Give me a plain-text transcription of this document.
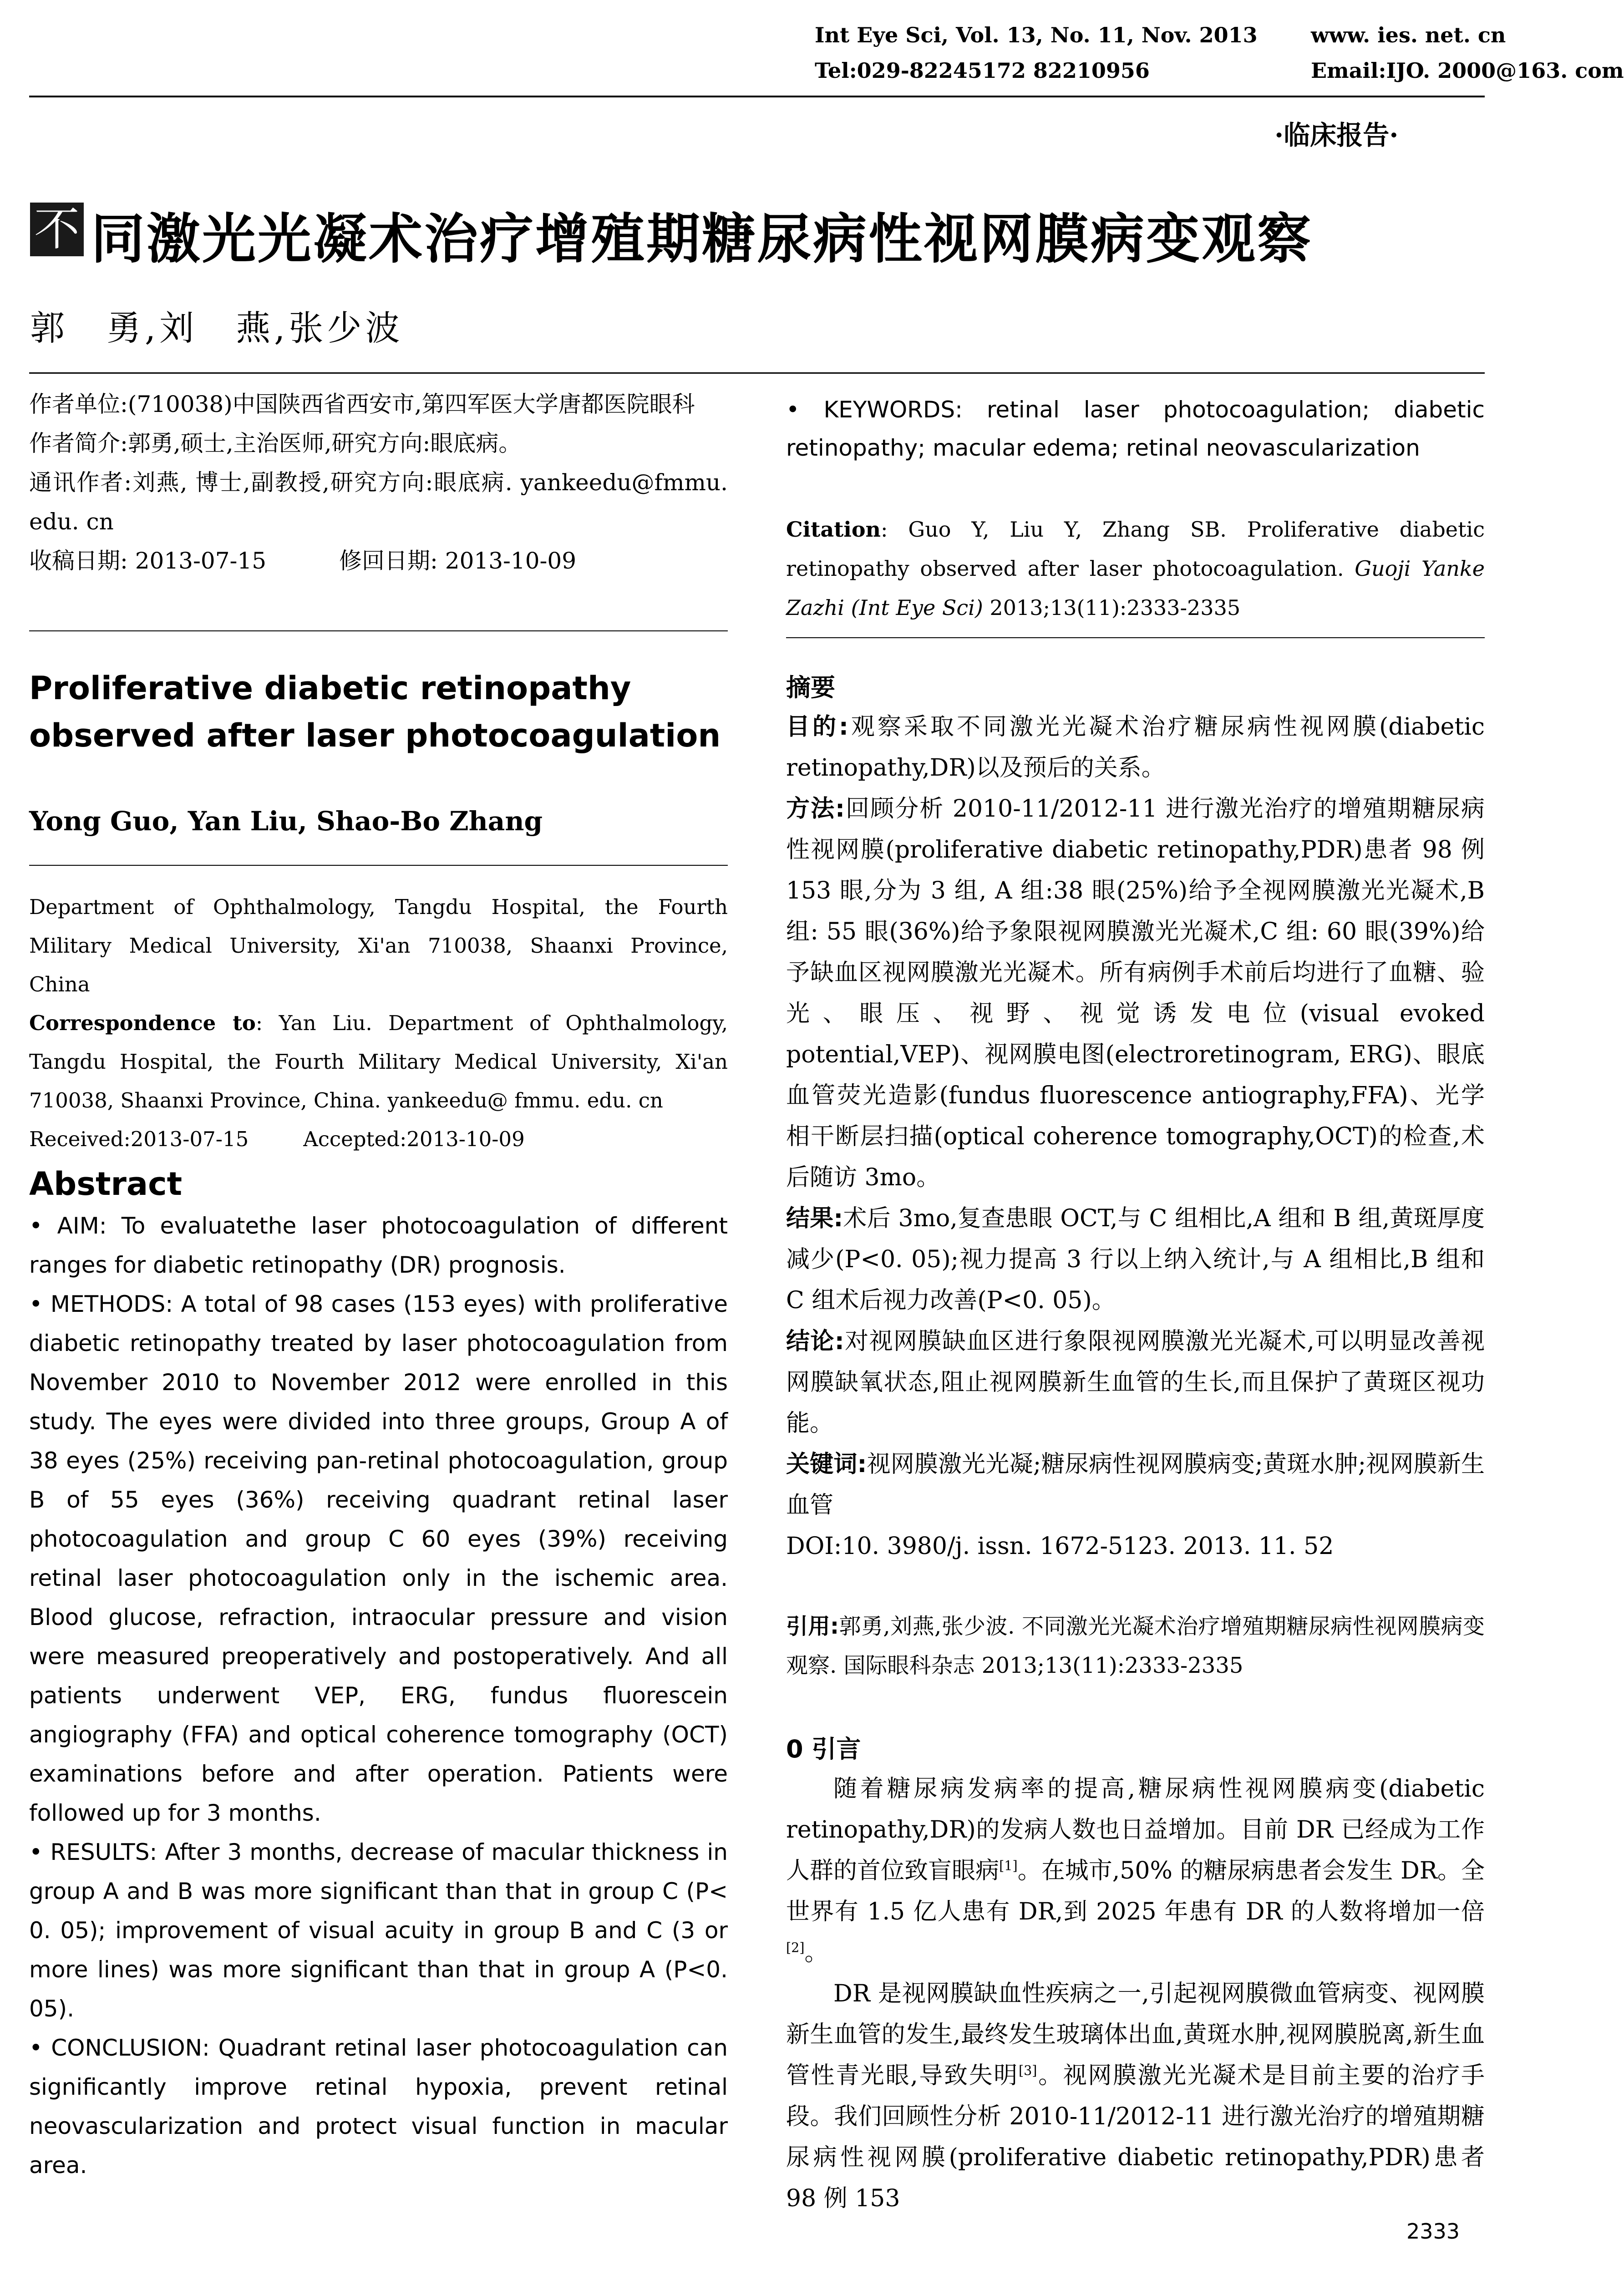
Int Eye Sci, Vol. 13, No. 11, Nov. 2013	www. ies. net. cn
Tel:029-82245172 82210956	Email:IJO. 2000@163. com
·临床报告·
不 同激光光凝术治疗增殖期糖尿病性视网膜病变观察
郭　勇,刘　燕,张少波
作者单位:(710038)中国陕西省西安市,第四军医大学唐都医院眼科
作者简介:郭勇,硕士,主治医师,研究方向:眼底病。
通讯作者:刘燕, 博士,副教授,研究方向:眼底病. yankeedu@fmmu. edu. cn
收稿日期: 2013-07-15	修回日期: 2013-10-09
Proliferative diabetic retinopathy observed after laser photocoagulation
Yong Guo, Yan Liu, Shao-Bo Zhang
Department of Ophthalmology, Tangdu Hospital, the Fourth Military Medical University, Xi'an 710038, Shaanxi Province, China
Correspondence to: Yan Liu. Department of Ophthalmology, Tangdu Hospital, the Fourth Military Medical University, Xi'an 710038, Shaanxi Province, China. yankeedu@ fmmu. edu. cn
Received:2013-07-15	Accepted:2013-10-09
Abstract

• AIM: To evaluatethe laser photocoagulation of different ranges for diabetic retinopathy (DR) prognosis.

• METHODS: A total of 98 cases (153 eyes) with proliferative diabetic retinopathy treated by laser photocoagulation from November 2010 to November 2012 were enrolled in this study. The eyes were divided into three groups, Group A of 38 eyes (25%) receiving pan-retinal photocoagulation, group B of 55 eyes (36%) receiving quadrant retinal laser photocoagulation and group C 60 eyes (39%) receiving retinal laser photocoagulation only in the ischemic area. Blood glucose, refraction, intraocular pressure and vision were measured preoperatively and postoperatively. And all patients underwent VEP, ERG, fundus fluorescein angiography (FFA) and optical coherence tomography (OCT) examinations before and after operation. Patients were followed up for 3 months.

• RESULTS: After 3 months, decrease of macular thickness in group A and B was more significant than that in group C (P< 0. 05); improvement of visual acuity in group B and C (3 or more lines) was more significant than that in group A (P<0. 05).

• CONCLUSION: Quadrant retinal laser photocoagulation can significantly improve retinal hypoxia, prevent retinal neovascularization and protect visual function in macular area.

• KEYWORDS: retinal laser photocoagulation; diabetic retinopathy; macular edema; retinal neovascularization
Citation: Guo Y, Liu Y, Zhang SB. Proliferative diabetic retinopathy observed after laser photocoagulation. Guoji Yanke Zazhi (Int Eye Sci) 2013;13(11):2333-2335
摘要

目的:观察采取不同激光光凝术治疗糖尿病性视网膜(diabetic retinopathy,DR)以及预后的关系。

方法:回顾分析 2010-11/2012-11 进行激光治疗的增殖期糖尿病性视网膜(proliferative diabetic retinopathy,PDR)患者 98 例 153 眼,分为 3 组, A 组:38 眼(25%)给予全视网膜激光光凝术,B 组: 55 眼(36%)给予象限视网膜激光光凝术,C 组: 60 眼(39%)给予缺血区视网膜激光光凝术。所有病例手术前后均进行了血糖、验光、眼压、视野、视觉诱发电位(visual evoked potential,VEP)、视网膜电图(electroretinogram, ERG)、眼底血管荧光造影(fundus fluorescence antiography,FFA)、光学相干断层扫描(optical coherence tomography,OCT)的检查,术后随访 3mo。

结果:术后 3mo,复查患眼 OCT,与 C 组相比,A 组和 B 组,黄斑厚度减少(P<0. 05);视力提高 3 行以上纳入统计,与 A 组相比,B 组和 C 组术后视力改善(P<0. 05)。

结论:对视网膜缺血区进行象限视网膜激光光凝术,可以明显改善视网膜缺氧状态,阻止视网膜新生血管的生长,而且保护了黄斑区视功能。

关键词:视网膜激光光凝;糖尿病性视网膜病变;黄斑水肿;视网膜新生血管

DOI:10. 3980/j. issn. 1672-5123. 2013. 11. 52

引用:郭勇,刘燕,张少波. 不同激光光凝术治疗增殖期糖尿病性视网膜病变观察. 国际眼科杂志 2013;13(11):2333-2335
0 引言

随着糖尿病发病率的提高,糖尿病性视网膜病变(diabetic retinopathy,DR)的发病人数也日益增加。目前 DR 已经成为工作人群的首位致盲眼病[1]。在城市,50% 的糖尿病患者会发生 DR。全世界有 1.5 亿人患有 DR,到 2025 年患有 DR 的人数将增加一倍[2]。

DR 是视网膜缺血性疾病之一,引起视网膜微血管病变、视网膜新生血管的发生,最终发生玻璃体出血,黄斑水肿,视网膜脱离,新生血管性青光眼,导致失明[3]。视网膜激光光凝术是目前主要的治疗手段。我们回顾性分析 2010-11/2012-11 进行激光治疗的增殖期糖尿病性视网膜(proliferative diabetic retinopathy,PDR)患者 98 例 153

2333
